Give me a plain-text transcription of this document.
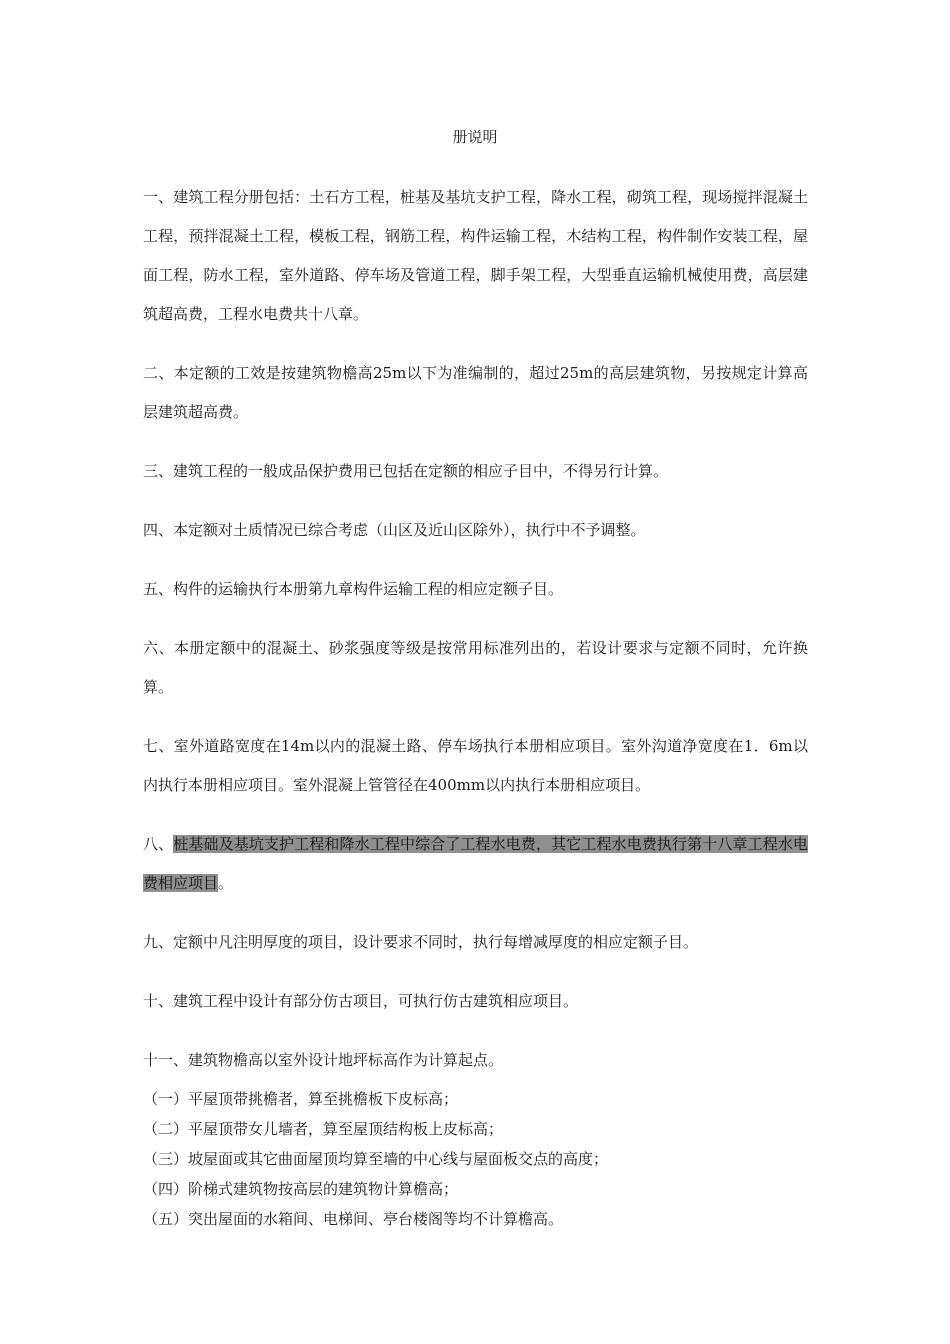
册说明

一、建筑工程分册包括：土石方工程，桩基及基坑支护工程，降水工程，砌筑工程，现场搅拌混凝土工程，预拌混凝土工程，模板工程，钢筋工程，构件运输工程，木结构工程，构件制作安装工程，屋面工程，防水工程，室外道路、停车场及管道工程，脚手架工程，大型垂直运输机械使用费，高层建筑超高费，工程水电费共十八章。

二、本定额的工效是按建筑物檐高25m以下为准编制的，超过25m的高层建筑物，另按规定计算高层建筑超高费。

三、建筑工程的一般成品保护费用已包括在定额的相应子目中，不得另行计算。

四、本定额对土质情况已综合考虑（山区及近山区除外），执行中不予调整。

五、构件的运输执行本册第九章构件运输工程的相应定额子目。

六、本册定额中的混凝土、砂浆强度等级是按常用标准列出的，若设计要求与定额不同时，允许换算。

七、室外道路宽度在14m以内的混凝土路、停车场执行本册相应项目。室外沟道净宽度在1．6m以内执行本册相应项目。室外混凝上管管径在400mm以内执行本册相应项目。

八、桩基础及基坑支护工程和降水工程中综合了工程水电费，其它工程水电费执行第十八章工程水电费相应项目。

九、定额中凡注明厚度的项目，设计要求不同时，执行每增减厚度的相应定额子目。

十、建筑工程中设计有部分仿古项目，可执行仿古建筑相应项目。

十一、建筑物檐高以室外设计地坪标高作为计算起点。

（一）平屋顶带挑檐者，算至挑檐板下皮标高；

（二）平屋顶带女儿墙者，算至屋顶结构板上皮标高；

（三）坡屋面或其它曲面屋顶均算至墙的中心线与屋面板交点的高度；

（四）阶梯式建筑物按高层的建筑物计算檐高；

（五）突出屋面的水箱间、电梯间、亭台楼阁等均不计算檐高。
